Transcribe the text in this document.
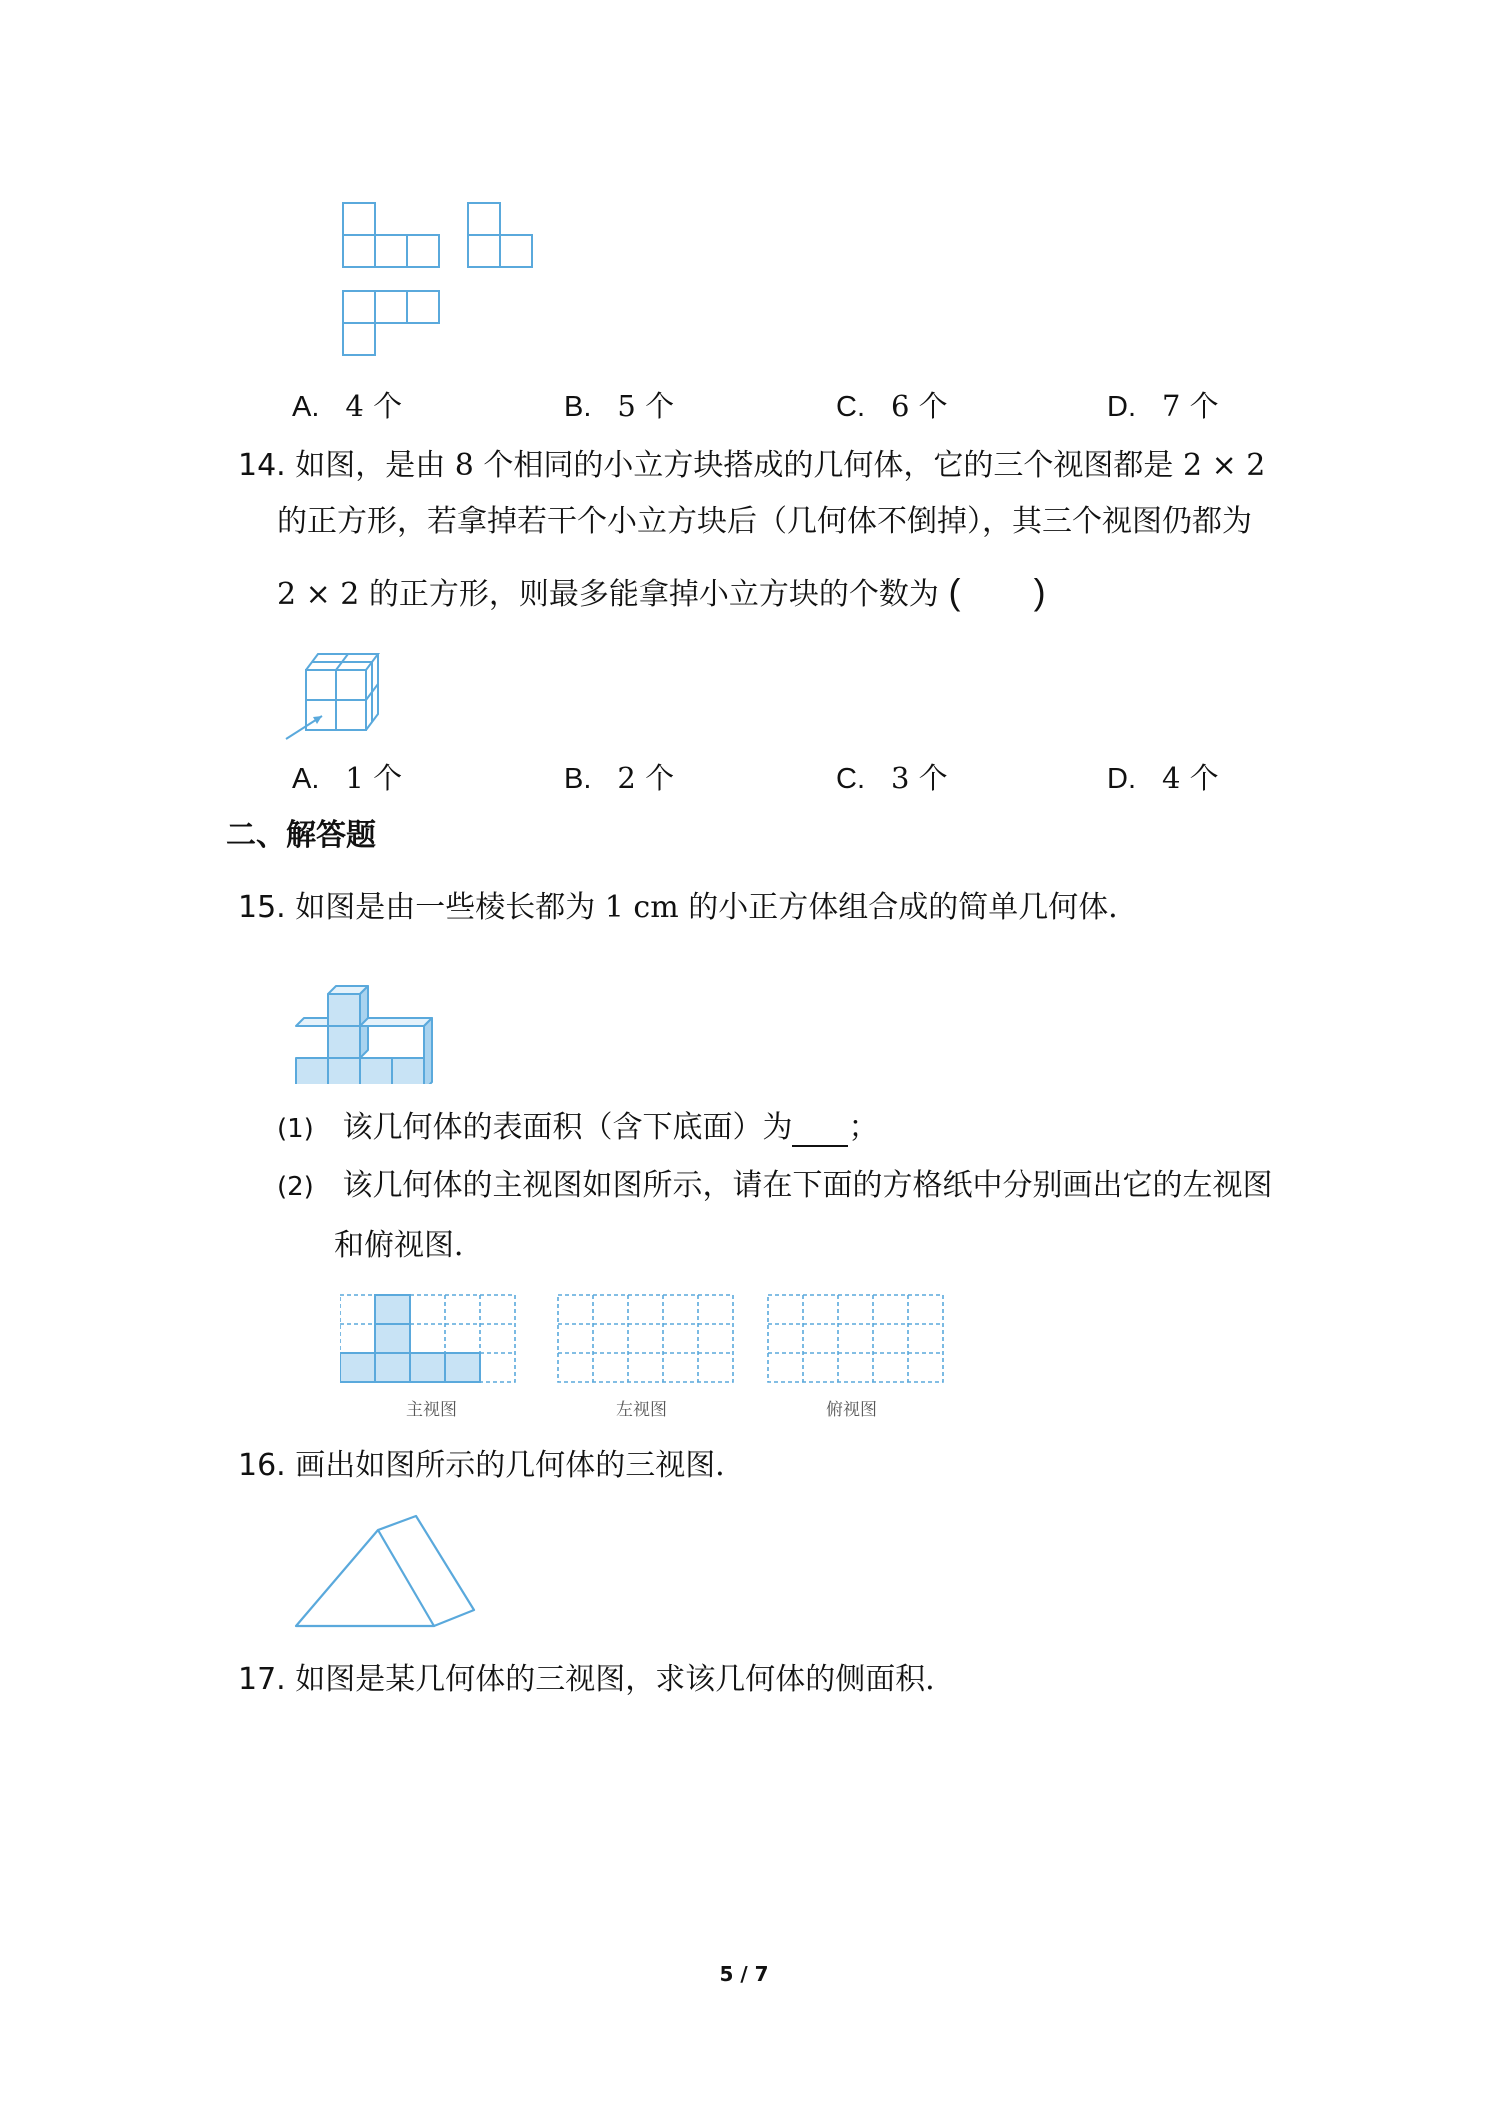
A. 4 个	B. 5 个	C. 6 个	D. 7 个
14. 如图，是由 8 个相同的小立方块搭成的几何体，它的三个视图都是 2 × 2
的正方形，若拿掉若干个小立方块后（几何体不倒掉），其三个视图仍都为
2 × 2 的正方形，则最多能拿掉小立方块的个数为 ( )
A. 1 个	B. 2 个	C. 3 个	D. 4 个
二、解答题
15. 如图是由一些棱长都为 1 cm 的小正方体组合成的简单几何体．
(1) 该几何体的表面积（含下底面）为 ；
(2) 该几何体的主视图如图所示，请在下面的方格纸中分别画出它的左视图
和俯视图．
主视图	左视图	俯视图
16. 画出如图所示的几何体的三视图．
17. 如图是某几何体的三视图，求该几何体的侧面积．
5 / 7
